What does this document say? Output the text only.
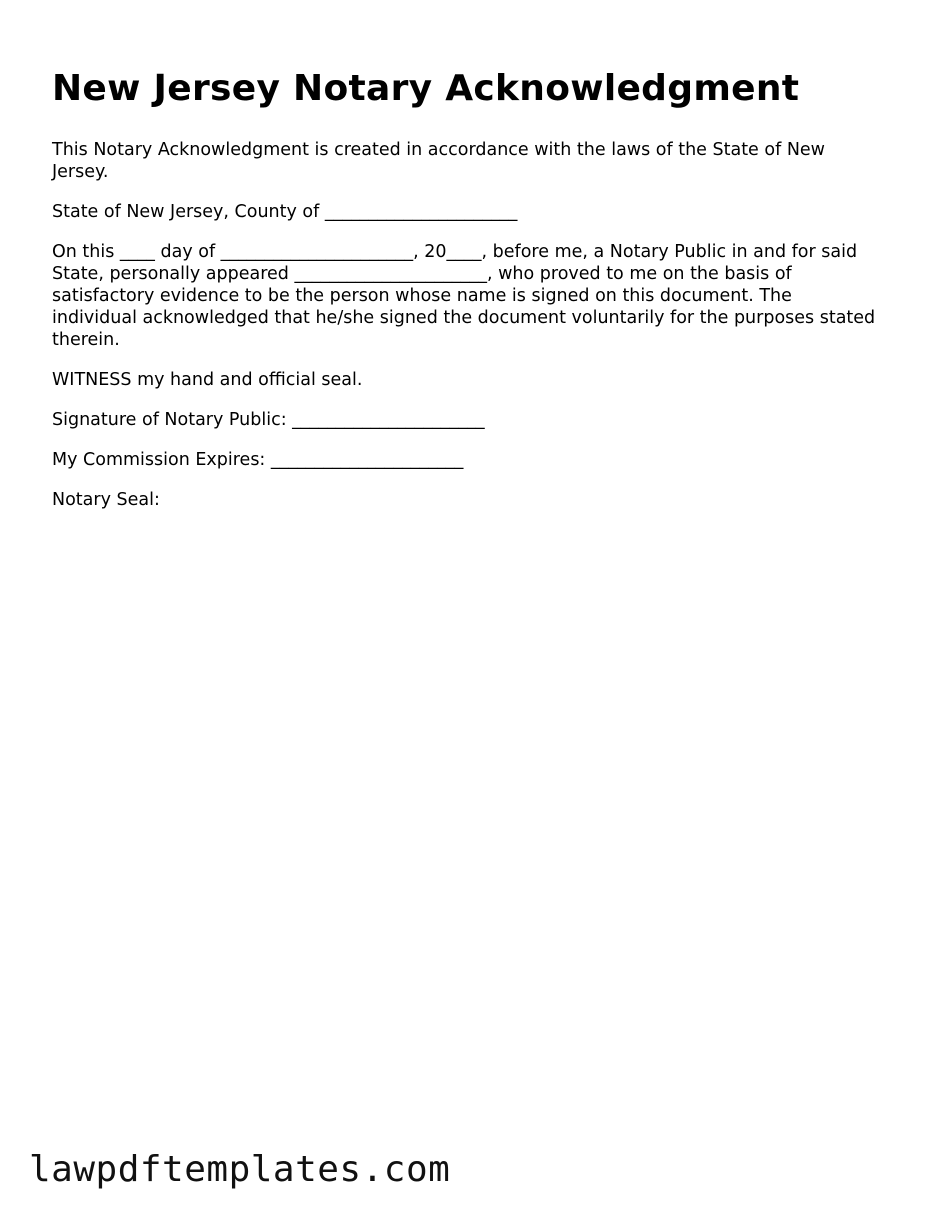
New Jersey Notary Acknowledgment

This Notary Acknowledgment is created in accordance with the laws of the State of New Jersey.

State of New Jersey, County of ______________________

On this ____ day of ______________________, 20____, before me, a Notary Public in and for said State, personally appeared ______________________, who proved to me on the basis of satisfactory evidence to be the person whose name is signed on this document. The individual acknowledged that he/she signed the document voluntarily for the purposes stated therein.

WITNESS my hand and official seal.

Signature of Notary Public: ______________________

My Commission Expires: ______________________

Notary Seal:

lawpdftemplates.com
